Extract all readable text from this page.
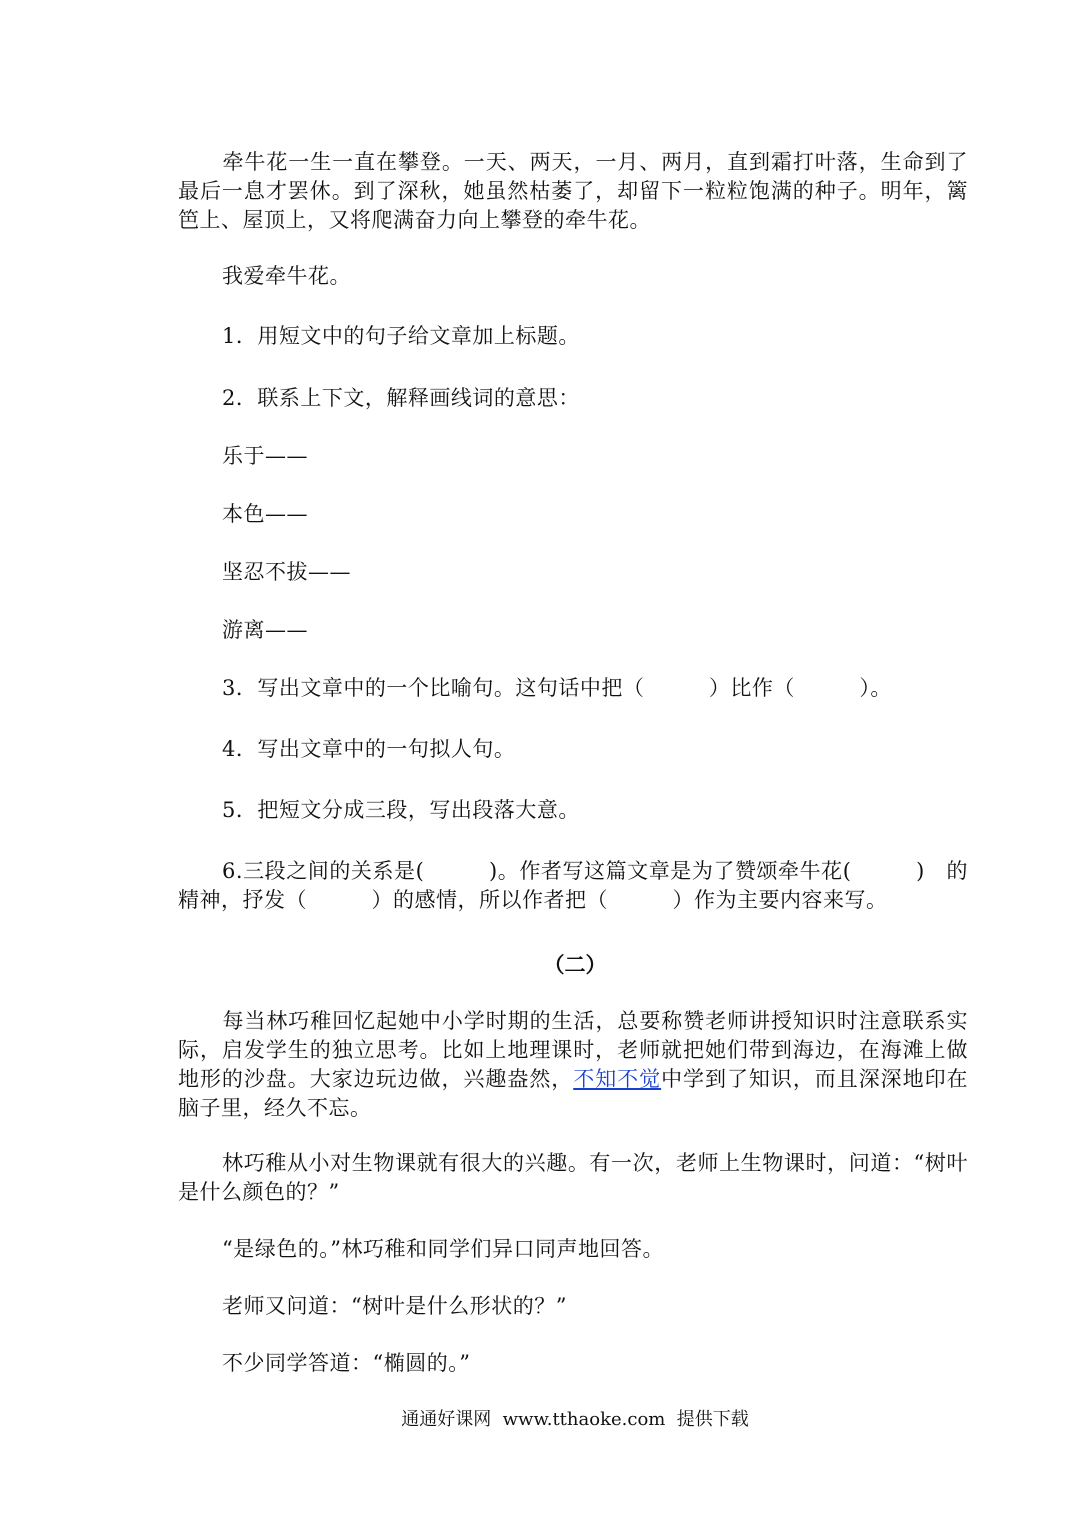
牵牛花一生一直在攀登。一天、两天，一月、两月，直到霜打叶落，生命到了最后一息才罢休。到了深秋，她虽然枯萎了，却留下一粒粒饱满的种子。明年，篱笆上、屋顶上，又将爬满奋力向上攀登的牵牛花。

我爱牵牛花。

1．用短文中的句子给文章加上标题。

2．联系上下文，解释画线词的意思：

乐于——

本色——

坚忍不拔——

游离——

3．写出文章中的一个比喻句。这句话中把（　　　）比作（　　　）。

4．写出文章中的一句拟人句。

5．把短文分成三段，写出段落大意。

6.三段之间的关系是(　　　)。作者写这篇文章是为了赞颂牵牛花(　　　)　的精神，抒发（　　　）的感情，所以作者把（　　　）作为主要内容来写。

（二）

每当林巧稚回忆起她中小学时期的生活，总要称赞老师讲授知识时注意联系实际，启发学生的独立思考。比如上地理课时，老师就把她们带到海边，在海滩上做地形的沙盘。大家边玩边做，兴趣盎然，不知不觉中学到了知识，而且深深地印在脑子里，经久不忘。

林巧稚从小对生物课就有很大的兴趣。有一次，老师上生物课时，问道：“树叶是什么颜色的？”

“是绿色的。”林巧稚和同学们异口同声地回答。

老师又问道：“树叶是什么形状的？”

不少同学答道：“椭圆的。”

通通好课网  www.tthaoke.com  提供下载
